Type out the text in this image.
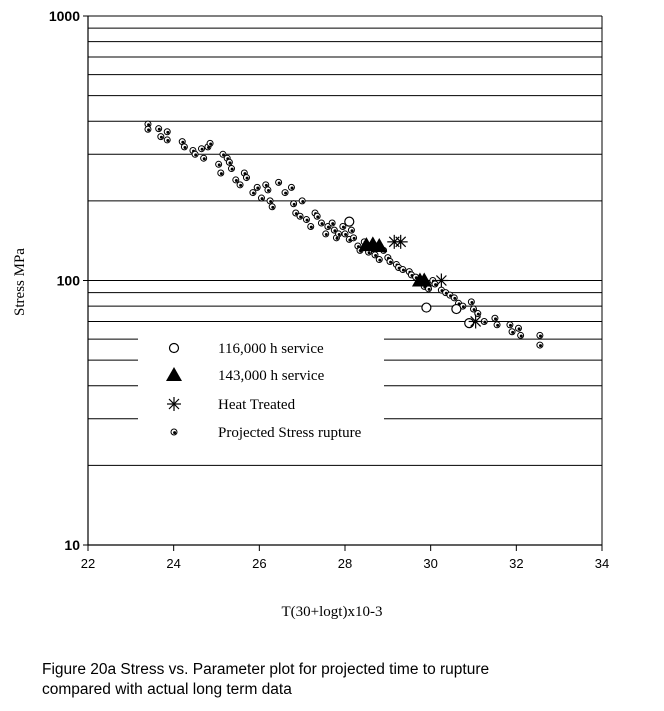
22	24	26	28	30	32	34
10
100
1000
116,000 h service
143,000 h service
Heat Treated
Projected Stress rupture
T(30+logt)x10-3
Stress MPa
Figure 20a Stress vs. Parameter plot for projected time to rupture
compared with actual long term data
